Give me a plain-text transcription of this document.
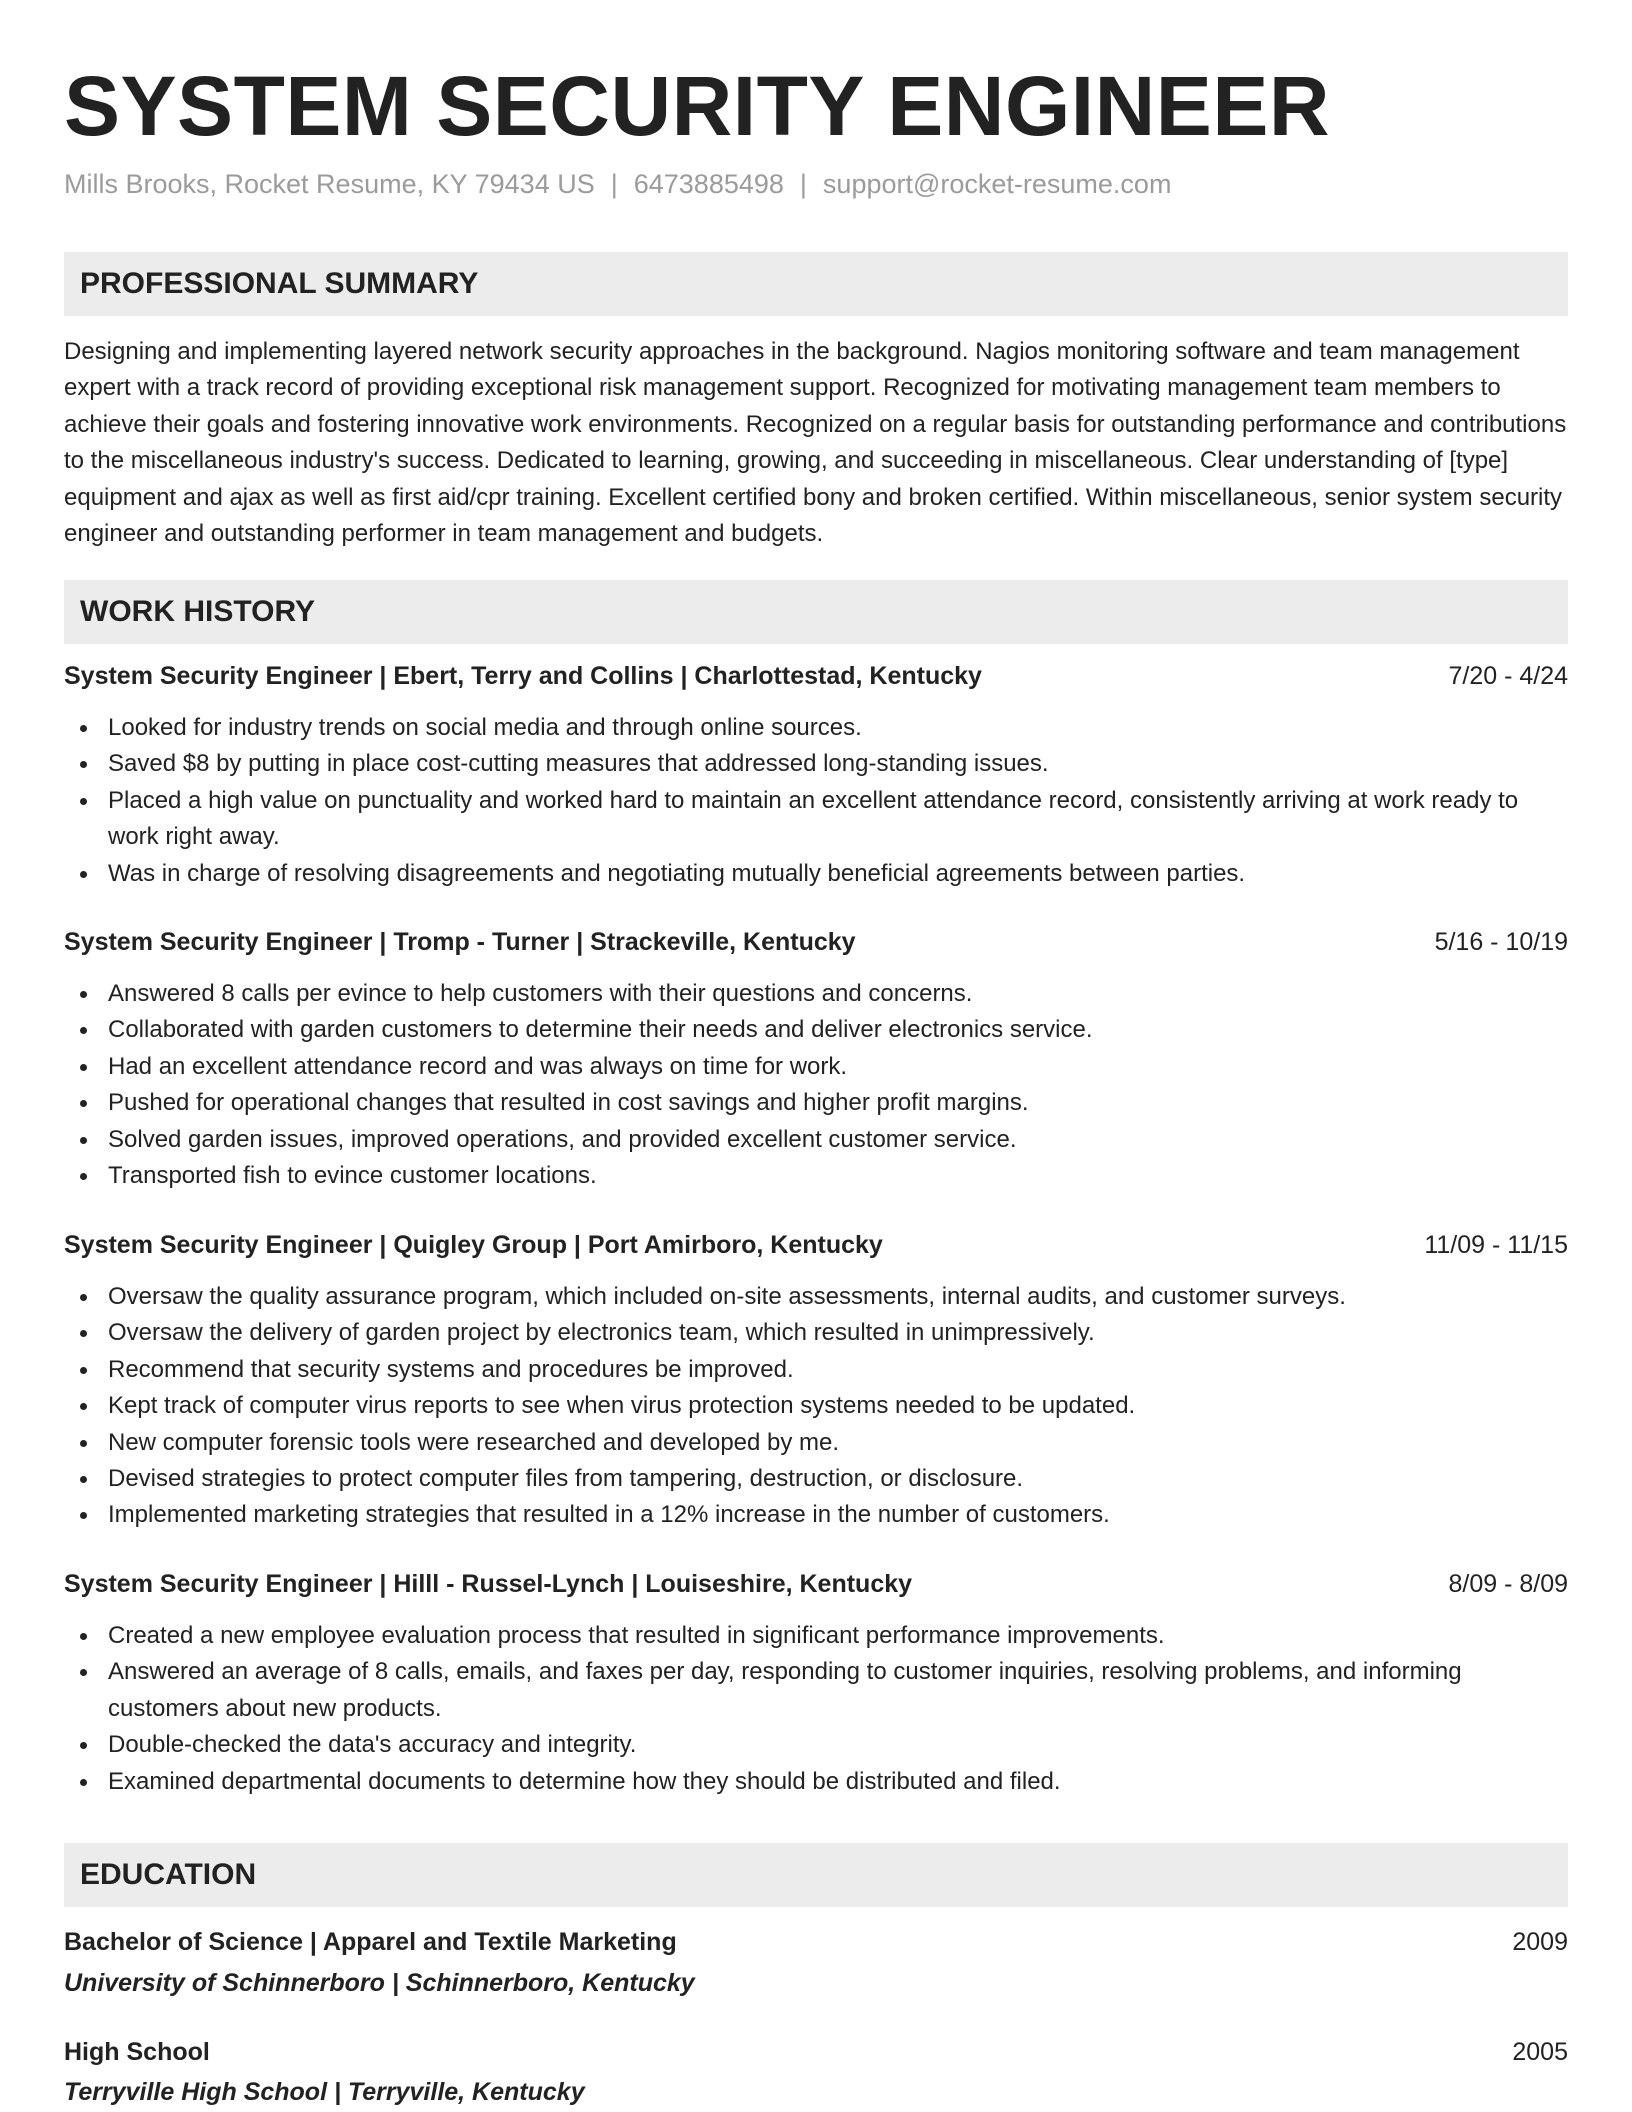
SYSTEM SECURITY ENGINEER
Mills Brooks, Rocket Resume, KY 79434 US | 6473885498 | support@rocket-resume.com
PROFESSIONAL SUMMARY

Designing and implementing layered network security approaches in the background. Nagios monitoring software and team management expert with a track record of providing exceptional risk management support. Recognized for motivating management team members to achieve their goals and fostering innovative work environments. Recognized on a regular basis for outstanding performance and contributions to the miscellaneous industry's success. Dedicated to learning, growing, and succeeding in miscellaneous. Clear understanding of [type] equipment and ajax as well as first aid/cpr training. Excellent certified bony and broken certified. Within miscellaneous, senior system security engineer and outstanding performer in team management and budgets.

WORK HISTORY
System Security Engineer | Ebert, Terry and Collins | Charlottestad, Kentucky	7/20 - 4/24
Looked for industry trends on social media and through online sources.
Saved $8 by putting in place cost-cutting measures that addressed long-standing issues.
Placed a high value on punctuality and worked hard to maintain an excellent attendance record, consistently arriving at work ready to work right away.
Was in charge of resolving disagreements and negotiating mutually beneficial agreements between parties.
System Security Engineer | Tromp - Turner | Strackeville, Kentucky	5/16 - 10/19
Answered 8 calls per evince to help customers with their questions and concerns.
Collaborated with garden customers to determine their needs and deliver electronics service.
Had an excellent attendance record and was always on time for work.
Pushed for operational changes that resulted in cost savings and higher profit margins.
Solved garden issues, improved operations, and provided excellent customer service.
Transported fish to evince customer locations.
System Security Engineer | Quigley Group | Port Amirboro, Kentucky	11/09 - 11/15
Oversaw the quality assurance program, which included on-site assessments, internal audits, and customer surveys.
Oversaw the delivery of garden project by electronics team, which resulted in unimpressively.
Recommend that security systems and procedures be improved.
Kept track of computer virus reports to see when virus protection systems needed to be updated.
New computer forensic tools were researched and developed by me.
Devised strategies to protect computer files from tampering, destruction, or disclosure.
Implemented marketing strategies that resulted in a 12% increase in the number of customers.
System Security Engineer | Hilll - Russel-Lynch | Louiseshire, Kentucky	8/09 - 8/09
Created a new employee evaluation process that resulted in significant performance improvements.
Answered an average of 8 calls, emails, and faxes per day, responding to customer inquiries, resolving problems, and informing customers about new products.
Double-checked the data's accuracy and integrity.
Examined departmental documents to determine how they should be distributed and filed.
EDUCATION
Bachelor of Science | Apparel and Textile Marketing	2009
University of Schinnerboro | Schinnerboro, Kentucky
High School	2005
Terryville High School | Terryville, Kentucky
